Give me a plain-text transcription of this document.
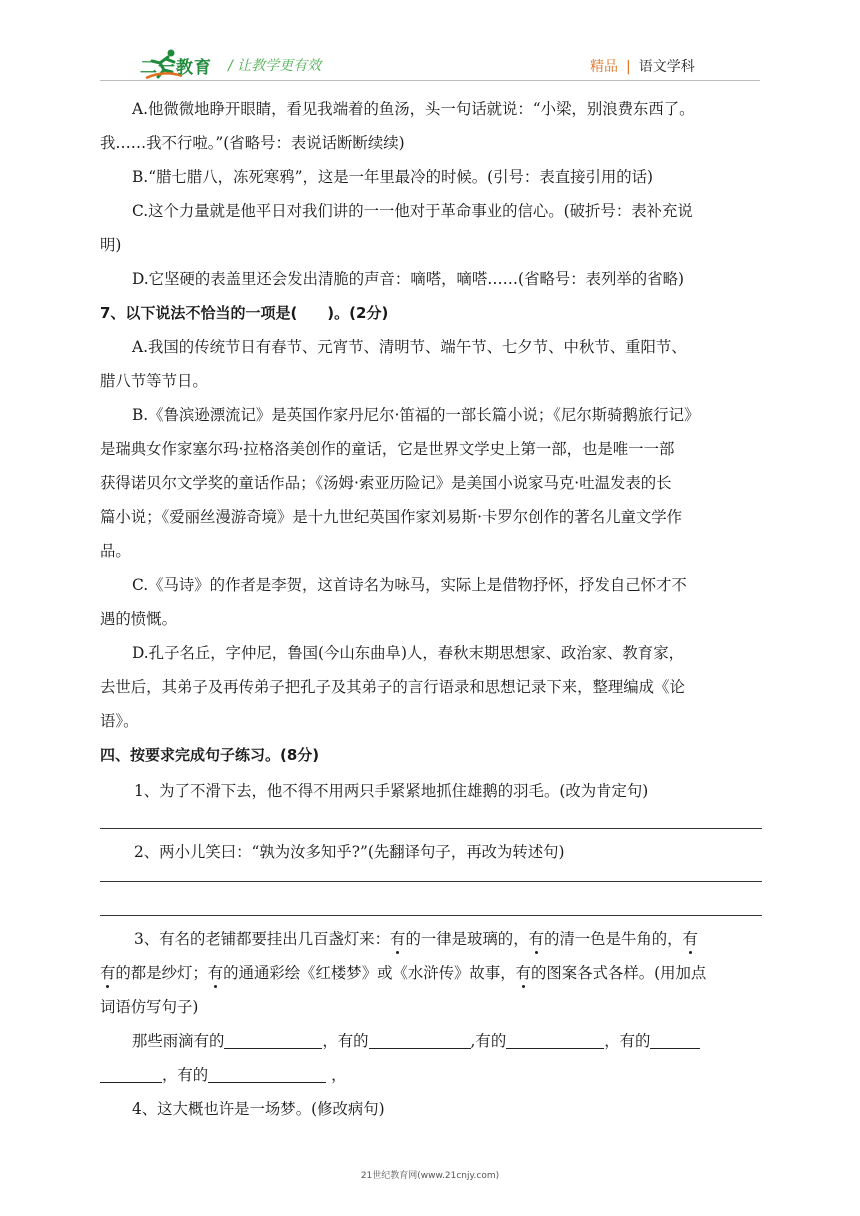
二一教育 / 让教学更有效	精品 | 语文学科

A.他微微地睁开眼睛，看见我端着的鱼汤，头一句话就说：“小梁，别浪费东西了。

我……我不行啦。”(省略号：表说话断断续续)

B.“腊七腊八，冻死寒鸦”，这是一年里最冷的时候。(引号：表直接引用的话)

C.这个力量就是他平日对我们讲的一一他对于革命事业的信心。(破折号：表补充说

明)

D.它坚硬的表盖里还会发出清脆的声音：嘀嗒，嘀嗒……(省略号：表列举的省略)

7、以下说法不恰当的一项是(　　)。(2分)

A.我国的传统节日有春节、元宵节、清明节、端午节、七夕节、中秋节、重阳节、

腊八节等节日。

B.《鲁滨逊漂流记》是英国作家丹尼尔·笛福的一部长篇小说；《尼尔斯骑鹅旅行记》

是瑞典女作家塞尔玛·拉格洛美创作的童话，它是世界文学史上第一部，也是唯一一部

获得诺贝尔文学奖的童话作品；《汤姆·索亚历险记》是美国小说家马克·吐温发表的长

篇小说；《爱丽丝漫游奇境》是十九世纪英国作家刘易斯·卡罗尔创作的著名儿童文学作

品。

C.《马诗》的作者是李贺，这首诗名为咏马，实际上是借物抒怀，抒发自己怀才不

遇的愤慨。

D.孔子名丘，字仲尼，鲁国(今山东曲阜)人，春秋末期思想家、政治家、教育家，

去世后，其弟子及再传弟子把孔子及其弟子的言行语录和思想记录下来，整理编成《论

语》。

四、按要求完成句子练习。(8分)

1、为了不滑下去，他不得不用两只手紧紧地抓住雄鹅的羽毛。(改为肯定句)

2、两小儿笑曰：“孰为汝多知乎?”(先翻译句子，再改为转述句)

3、有名的老铺都要挂出几百盏灯来：有的一律是玻璃的，有的清一色是牛角的，有

有的都是纱灯；有的通通彩绘《红楼梦》或《水浒传》故事，有的图案各式各样。(用加点

词语仿写句子)

那些雨滴有的	，有的	,有的	，有的

，有的	，

4、这大概也许是一场梦。(修改病句)

21世纪教育网(www.21cnjy.com)
